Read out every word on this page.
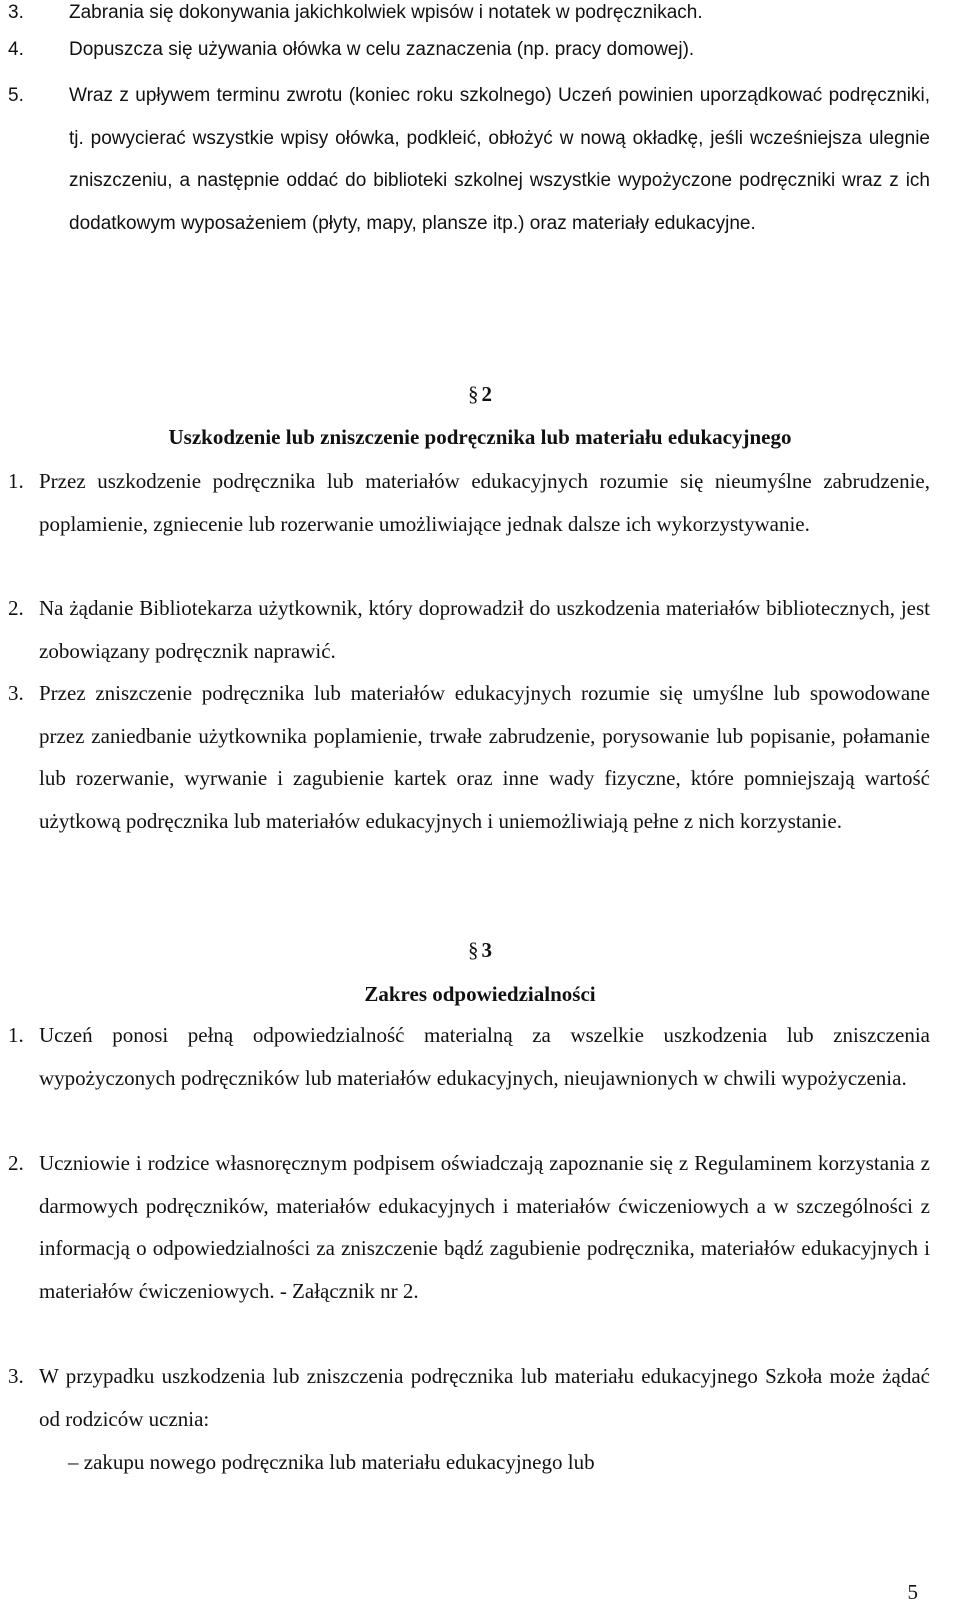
3. Zabrania się dokonywania jakichkolwiek wpisów i notatek w podręcznikach.
4. Dopuszcza się używania ołówka w celu zaznaczenia (np. pracy domowej).
5. Wraz z upływem terminu zwrotu (koniec roku szkolnego) Uczeń powinien uporządkować podręczniki, tj. powycierać wszystkie wpisy ołówka, podkleić, obłożyć w nową okładkę, jeśli wcześniejsza ulegnie zniszczeniu, a następnie oddać do biblioteki szkolnej wszystkie wypożyczone podręczniki wraz z ich dodatkowym wyposażeniem (płyty, mapy, plansze itp.) oraz materiały edukacyjne.
§ 2
Uszkodzenie lub zniszczenie podręcznika lub materiału edukacyjnego
1. Przez uszkodzenie podręcznika lub materiałów edukacyjnych rozumie się nieumyślne zabrudzenie, poplamienie, zgniecenie lub rozerwanie umożliwiające jednak dalsze ich wykorzystywanie.
2. Na żądanie Bibliotekarza użytkownik, który doprowadził do uszkodzenia materiałów bibliotecznych, jest zobowiązany podręcznik naprawić.
3. Przez zniszczenie podręcznika lub materiałów edukacyjnych rozumie się umyślne lub spowodowane przez zaniedbanie użytkownika poplamienie, trwałe zabrudzenie, porysowanie lub popisanie, połamanie lub rozerwanie, wyrwanie i zagubienie kartek oraz inne wady fizyczne, które pomniejszają wartość użytkową podręcznika lub materiałów edukacyjnych i uniemożliwiają pełne z nich korzystanie.
§ 3
Zakres odpowiedzialności
1. Uczeń ponosi pełną odpowiedzialność materialną za wszelkie uszkodzenia lub zniszczenia wypożyczonych podręczników lub materiałów edukacyjnych, nieujawnionych w chwili wypożyczenia.
2. Uczniowie i rodzice własnoręcznym podpisem oświadczają zapoznanie się z Regulaminem korzystania z darmowych podręczników, materiałów edukacyjnych i materiałów ćwiczeniowych a w szczególności z informacją o odpowiedzialności za zniszczenie bądź zagubienie podręcznika, materiałów edukacyjnych i materiałów ćwiczeniowych. - Załącznik nr 2.
3. W przypadku uszkodzenia lub zniszczenia podręcznika lub materiału edukacyjnego Szkoła może żądać od rodziców ucznia:
– zakupu nowego podręcznika lub materiału edukacyjnego lub
5
